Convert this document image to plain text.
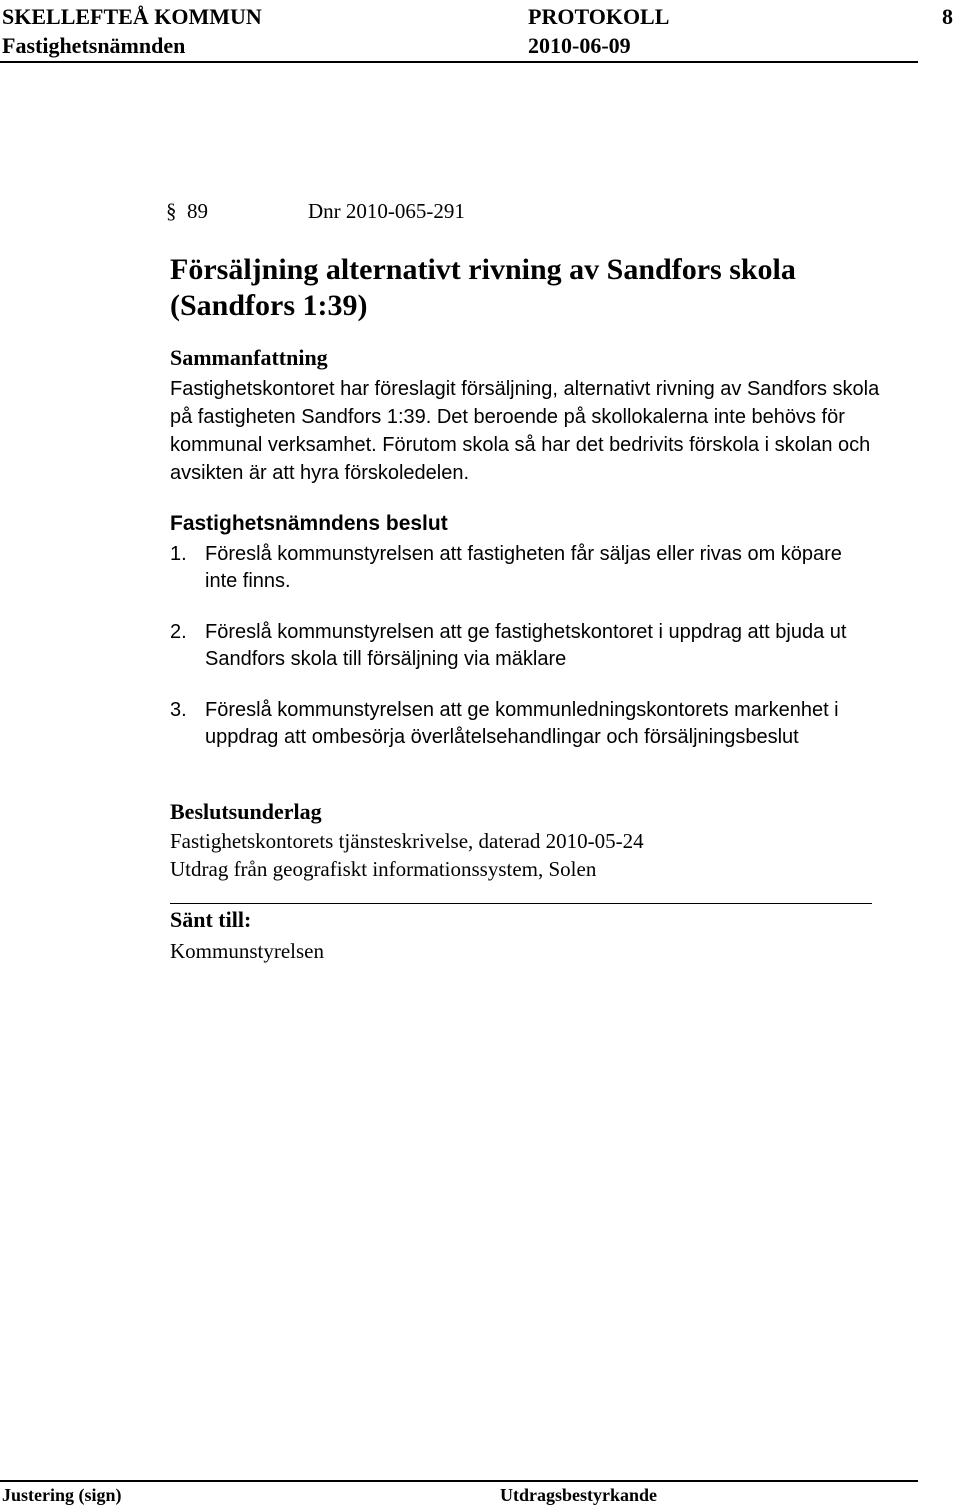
SKELLEFTEÅ KOMMUN
Fastighetsnämnden
PROTOKOLL
2010-06-09
8
§ 89	Dnr 2010-065-291
Försäljning alternativt rivning av Sandfors skola
(Sandfors 1:39)
Sammanfattning
Fastighetskontoret har föreslagit försäljning, alternativt rivning av Sandfors skola
på fastigheten Sandfors 1:39. Det beroende på skollokalerna inte behövs för
kommunal verksamhet. Förutom skola så har det bedrivits förskola i skolan och
avsikten är att hyra förskoledelen.
Fastighetsnämndens beslut
1. Föreslå kommunstyrelsen att fastigheten får säljas eller rivas om köpare
inte finns.
2. Föreslå kommunstyrelsen att ge fastighetskontoret i uppdrag att bjuda ut
Sandfors skola till försäljning via mäklare
3. Föreslå kommunstyrelsen att ge kommunledningskontorets markenhet i
uppdrag att ombesörja överlåtelsehandlingar och försäljningsbeslut
Beslutsunderlag
Fastighetskontorets tjänsteskrivelse, daterad 2010-05-24
Utdrag från geografiskt informationssystem, Solen
Sänt till:
Kommunstyrelsen
Justering (sign)	Utdragsbestyrkande
